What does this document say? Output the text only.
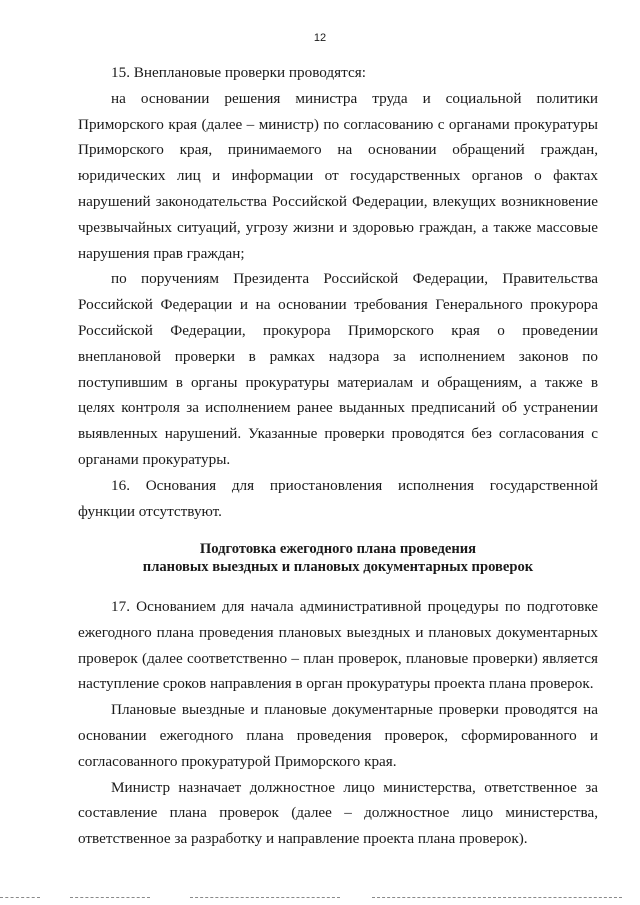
12

15. Внеплановые проверки проводятся:

на основании решения министра труда и социальной политики Приморского края (далее – министр) по согласованию с органами прокуратуры Приморского края, принимаемого на основании обращений граждан, юридических лиц и информации от государственных органов о фактах нарушений законодательства Российской Федерации, влекущих возникновение чрезвычайных ситуаций, угрозу жизни и здоровью граждан, а также массовые нарушения прав граждан;

по поручениям Президента Российской Федерации, Правительства Российской Федерации и на основании требования Генерального прокурора Российской Федерации, прокурора Приморского края о проведении внеплановой проверки в рамках надзора за исполнением законов по поступившим в органы прокуратуры материалам и обращениям, а также в целях контроля за исполнением ранее выданных предписаний об устранении выявленных нарушений. Указанные проверки проводятся без согласования с органами прокуратуры.

16. Основания для приостановления исполнения государственной функции отсутствуют.

Подготовка ежегодного плана проведения

плановых выездных и плановых документарных проверок

17. Основанием для начала административной процедуры по подготовке ежегодного плана проведения плановых выездных и плановых документарных проверок (далее соответственно – план проверок, плановые проверки) является наступление сроков направления в орган прокуратуры проекта плана проверок.

Плановые выездные и плановые документарные проверки проводятся на основании ежегодного плана проведения проверок, сформированного и согласованного прокуратурой Приморского края.

Министр назначает должностное лицо министерства, ответственное за составление плана проверок (далее – должностное лицо министерства, ответственное за разработку и направление проекта плана проверок).
